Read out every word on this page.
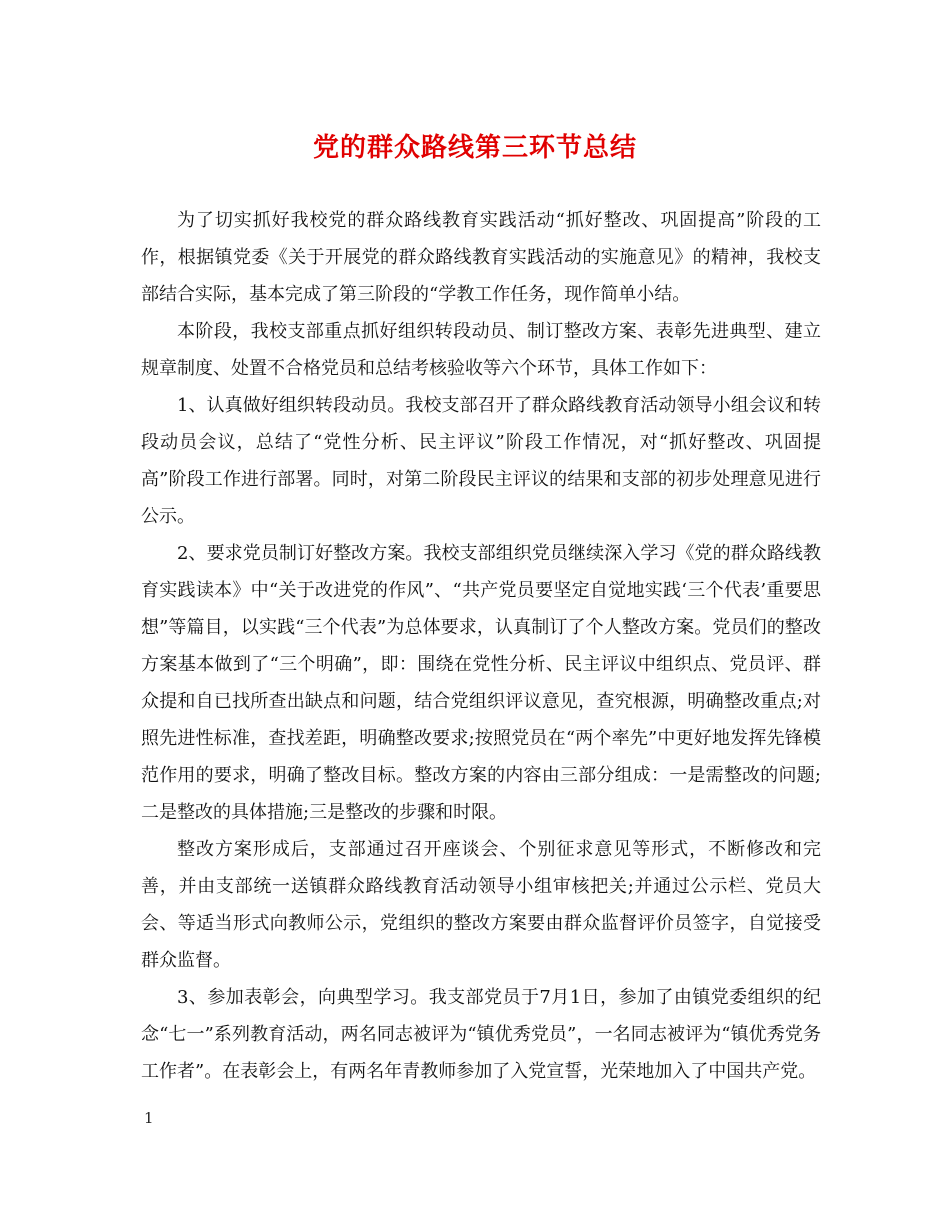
党的群众路线第三环节总结

为了切实抓好我校党的群众路线教育实践活动“抓好整改、巩固提高”阶段的工作，根据镇党委《关于开展党的群众路线教育实践活动的实施意见》的精神，我校支部结合实际，基本完成了第三阶段的“学教工作任务，现作简单小结。

本阶段，我校支部重点抓好组织转段动员、制订整改方案、表彰先进典型、建立规章制度、处置不合格党员和总结考核验收等六个环节，具体工作如下：

1、认真做好组织转段动员。我校支部召开了群众路线教育活动领导小组会议和转段动员会议，总结了“党性分析、民主评议”阶段工作情况，对“抓好整改、巩固提高”阶段工作进行部署。同时，对第二阶段民主评议的结果和支部的初步处理意见进行公示。

2、要求党员制订好整改方案。我校支部组织党员继续深入学习《党的群众路线教育实践读本》中“关于改进党的作风”、“共产党员要坚定自觉地实践‘三个代表’重要思想”等篇目，以实践“三个代表”为总体要求，认真制订了个人整改方案。党员们的整改方案基本做到了“三个明确”，即：围绕在党性分析、民主评议中组织点、党员评、群众提和自已找所查出缺点和问题，结合党组织评议意见，查究根源，明确整改重点;对照先进性标准，查找差距，明确整改要求;按照党员在“两个率先”中更好地发挥先锋模范作用的要求，明确了整改目标。整改方案的内容由三部分组成：一是需整改的问题;二是整改的具体措施;三是整改的步骤和时限。

整改方案形成后，支部通过召开座谈会、个别征求意见等形式，不断修改和完善，并由支部统一送镇群众路线教育活动领导小组审核把关;并通过公示栏、党员大会、等适当形式向教师公示，党组织的整改方案要由群众监督评价员签字，自觉接受群众监督。

3、参加表彰会，向典型学习。我支部党员于7月1日，参加了由镇党委组织的纪念“七一”系列教育活动，两名同志被评为“镇优秀党员”，一名同志被评为“镇优秀党务工作者”。在表彰会上，有两名年青教师参加了入党宣誓，光荣地加入了中国共产党。

1
